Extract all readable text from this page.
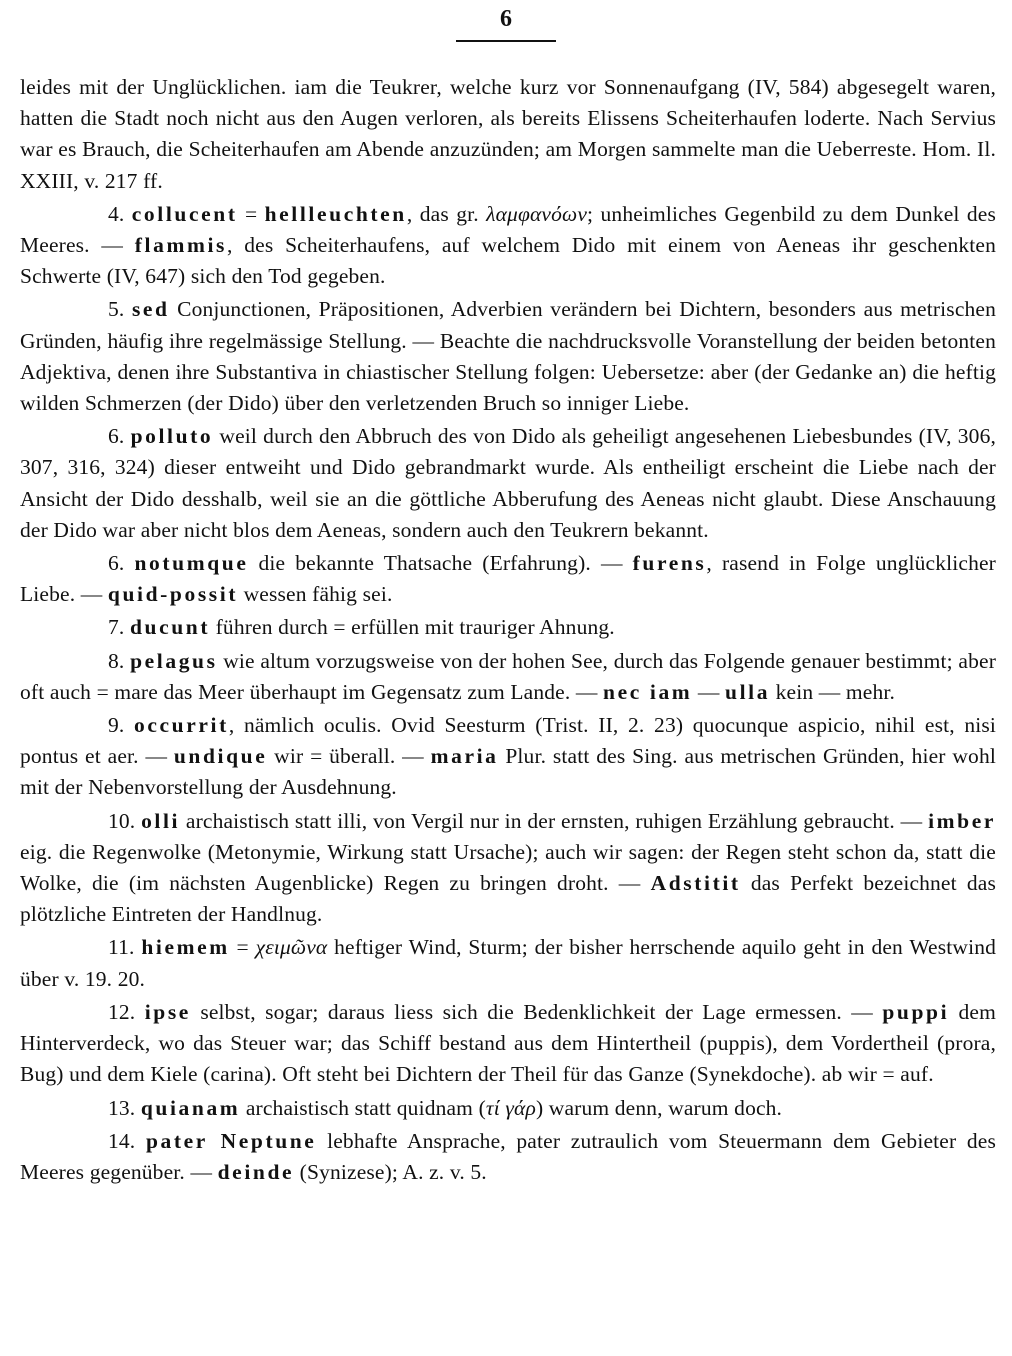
6

leides mit der Unglücklichen. iam die Teukrer, welche kurz vor Sonnenaufgang (IV, 584) abgesegelt waren, hatten die Stadt noch nicht aus den Augen verloren, als bereits Elissens Scheiterhaufen loderte. Nach Servius war es Brauch, die Scheiterhaufen am Abende anzuzünden; am Morgen sammelte man die Ueberreste. Hom. Il. XXIII, v. 217 ff.

4. collucent = hellleuchten, das gr. λαμφανόων; unheimliches Gegenbild zu dem Dunkel des Meeres. — flammis, des Scheiterhaufens, auf welchem Dido mit einem von Aeneas ihr geschenkten Schwerte (IV, 647) sich den Tod gegeben.

5. sed Conjunctionen, Präpositionen, Adverbien verändern bei Dichtern, besonders aus metrischen Gründen, häufig ihre regelmässige Stellung. — Beachte die nachdrucksvolle Voranstellung der beiden betonten Adjektiva, denen ihre Substantiva in chiastischer Stellung folgen: Uebersetze: aber (der Gedanke an) die heftig wilden Schmerzen (der Dido) über den verletzenden Bruch so inniger Liebe.

6. polluto weil durch den Abbruch des von Dido als geheiligt angesehenen Liebesbundes (IV, 306, 307, 316, 324) dieser entweiht und Dido gebrandmarkt wurde. Als entheiligt erscheint die Liebe nach der Ansicht der Dido desshalb, weil sie an die göttliche Abberufung des Aeneas nicht glaubt. Diese Anschauung der Dido war aber nicht blos dem Aeneas, sondern auch den Teukrern bekannt.

6. notumque die bekannte Thatsache (Erfahrung). — furens, rasend in Folge unglücklicher Liebe. — quid-possit wessen fähig sei.

7. ducunt führen durch = erfüllen mit trauriger Ahnung.

8. pelagus wie altum vorzugsweise von der hohen See, durch das Folgende genauer bestimmt; aber oft auch = mare das Meer überhaupt im Gegensatz zum Lande. — nec iam — ulla kein — mehr.

9. occurrit, nämlich oculis. Ovid Seesturm (Trist. II, 2. 23) quocunque aspicio, nihil est, nisi pontus et aer. — undique wir = überall. — maria Plur. statt des Sing. aus metrischen Gründen, hier wohl mit der Nebenvorstellung der Ausdehnung.

10. olli archaistisch statt illi, von Vergil nur in der ernsten, ruhigen Erzählung gebraucht. — imber eig. die Regenwolke (Metonymie, Wirkung statt Ursache); auch wir sagen: der Regen steht schon da, statt die Wolke, die (im nächsten Augenblicke) Regen zu bringen droht. — Adstitit das Perfekt bezeichnet das plötzliche Eintreten der Handlnug.

11. hiemem = χειμῶνα heftiger Wind, Sturm; der bisher herrschende aquilo geht in den Westwind über v. 19. 20.

12. ipse selbst, sogar; daraus liess sich die Bedenklichkeit der Lage ermessen. — puppi dem Hinterverdeck, wo das Steuer war; das Schiff bestand aus dem Hintertheil (puppis), dem Vordertheil (prora, Bug) und dem Kiele (carina). Oft steht bei Dichtern der Theil für das Ganze (Synekdoche). ab wir = auf.

13. quianam archaistisch statt quidnam (τί γάρ) warum denn, warum doch.

14. pater Neptune lebhafte Ansprache, pater zutraulich vom Steuermann dem Gebieter des Meeres gegenüber. — deinde (Synizese); A. z. v. 5.
